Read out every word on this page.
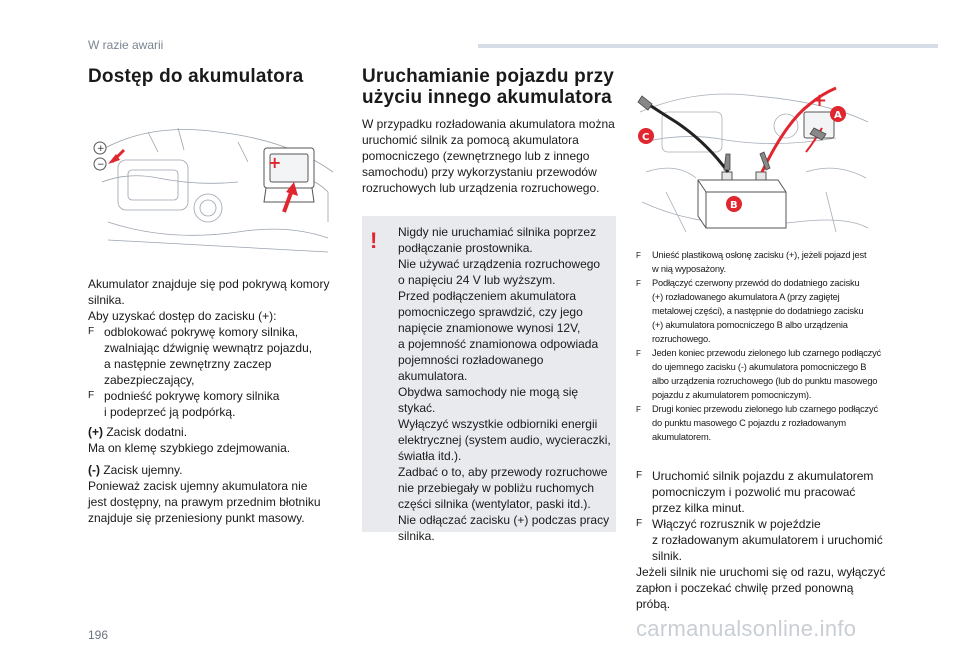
W razie awarii
Dostęp do akumulatora
+
−	+
Akumulator znajduje się pod pokrywą komory
silnika.
Aby uzyskać dostęp do zacisku (+):
F odblokować pokrywę komory silnika,
zwalniając dźwignię wewnątrz pojazdu,
a następnie zewnętrzny zaczep
zabezpieczający,
F podnieść pokrywę komory silnika
i podeprzeć ją podpórką.
(+) Zacisk dodatni.
Ma on klemę szybkiego zdejmowania.
(-) Zacisk ujemny.
Ponieważ zacisk ujemny akumulatora nie
jest dostępny, na prawym przednim błotniku
znajduje się przeniesiony punkt masowy.
Uruchamianie pojazdu przy
użyciu innego akumulatora
W przypadku rozładowania akumulatora można
uruchomić silnik za pomocą akumulatora
pomocniczego (zewnętrznego lub z innego
samochodu) przy wykorzystaniu przewodów
rozruchowych lub urządzenia rozruchowego.
! Nigdy nie uruchamiać silnika poprzez
podłączanie prostownika.
Nie używać urządzenia rozruchowego
o napięciu 24 V lub wyższym.
Przed podłączeniem akumulatora
pomocniczego sprawdzić, czy jego
napięcie znamionowe wynosi 12V,
a pojemność znamionowa odpowiada
pojemności rozładowanego akumulatora.
Obydwa samochody nie mogą się stykać.
Wyłączyć wszystkie odbiorniki energii
elektrycznej (system audio, wycieraczki,
światła itd.).
Zadbać o to, aby przewody rozruchowe
nie przebiegały w pobliżu ruchomych
części silnika (wentylator, paski itd.).
Nie odłączać zacisku (+) podczas pracy
silnika.
+
A
B
C
F	Unieść plastikową osłonę zacisku (+), jeżeli pojazd jest
w nią wyposażony.
F	Podłączyć czerwony przewód do dodatniego zacisku
(+) rozładowanego akumulatora A (przy zagiętej
metalowej części), a następnie do dodatniego zacisku
(+) akumulatora pomocniczego B albo urządzenia
rozruchowego.
F	Jeden koniec przewodu zielonego lub czarnego podłączyć
do ujemnego zacisku (-) akumulatora pomocniczego B
albo urządzenia rozruchowego (lub do punktu masowego
pojazdu z akumulatorem pomocniczym).
F	Drugi koniec przewodu zielonego lub czarnego podłączyć
do punktu masowego C pojazdu z rozładowanym
akumulatorem.
F Uruchomić silnik pojazdu z akumulatorem
pomocniczym i pozwolić mu pracować
przez kilka minut.
F Włączyć rozrusznik w pojeździe
z rozładowanym akumulatorem i uruchomić
silnik.
Jeżeli silnik nie uruchomi się od razu, wyłączyć
zapłon i poczekać chwilę przed ponowną
próbą.
196	carmanualsonline.info
